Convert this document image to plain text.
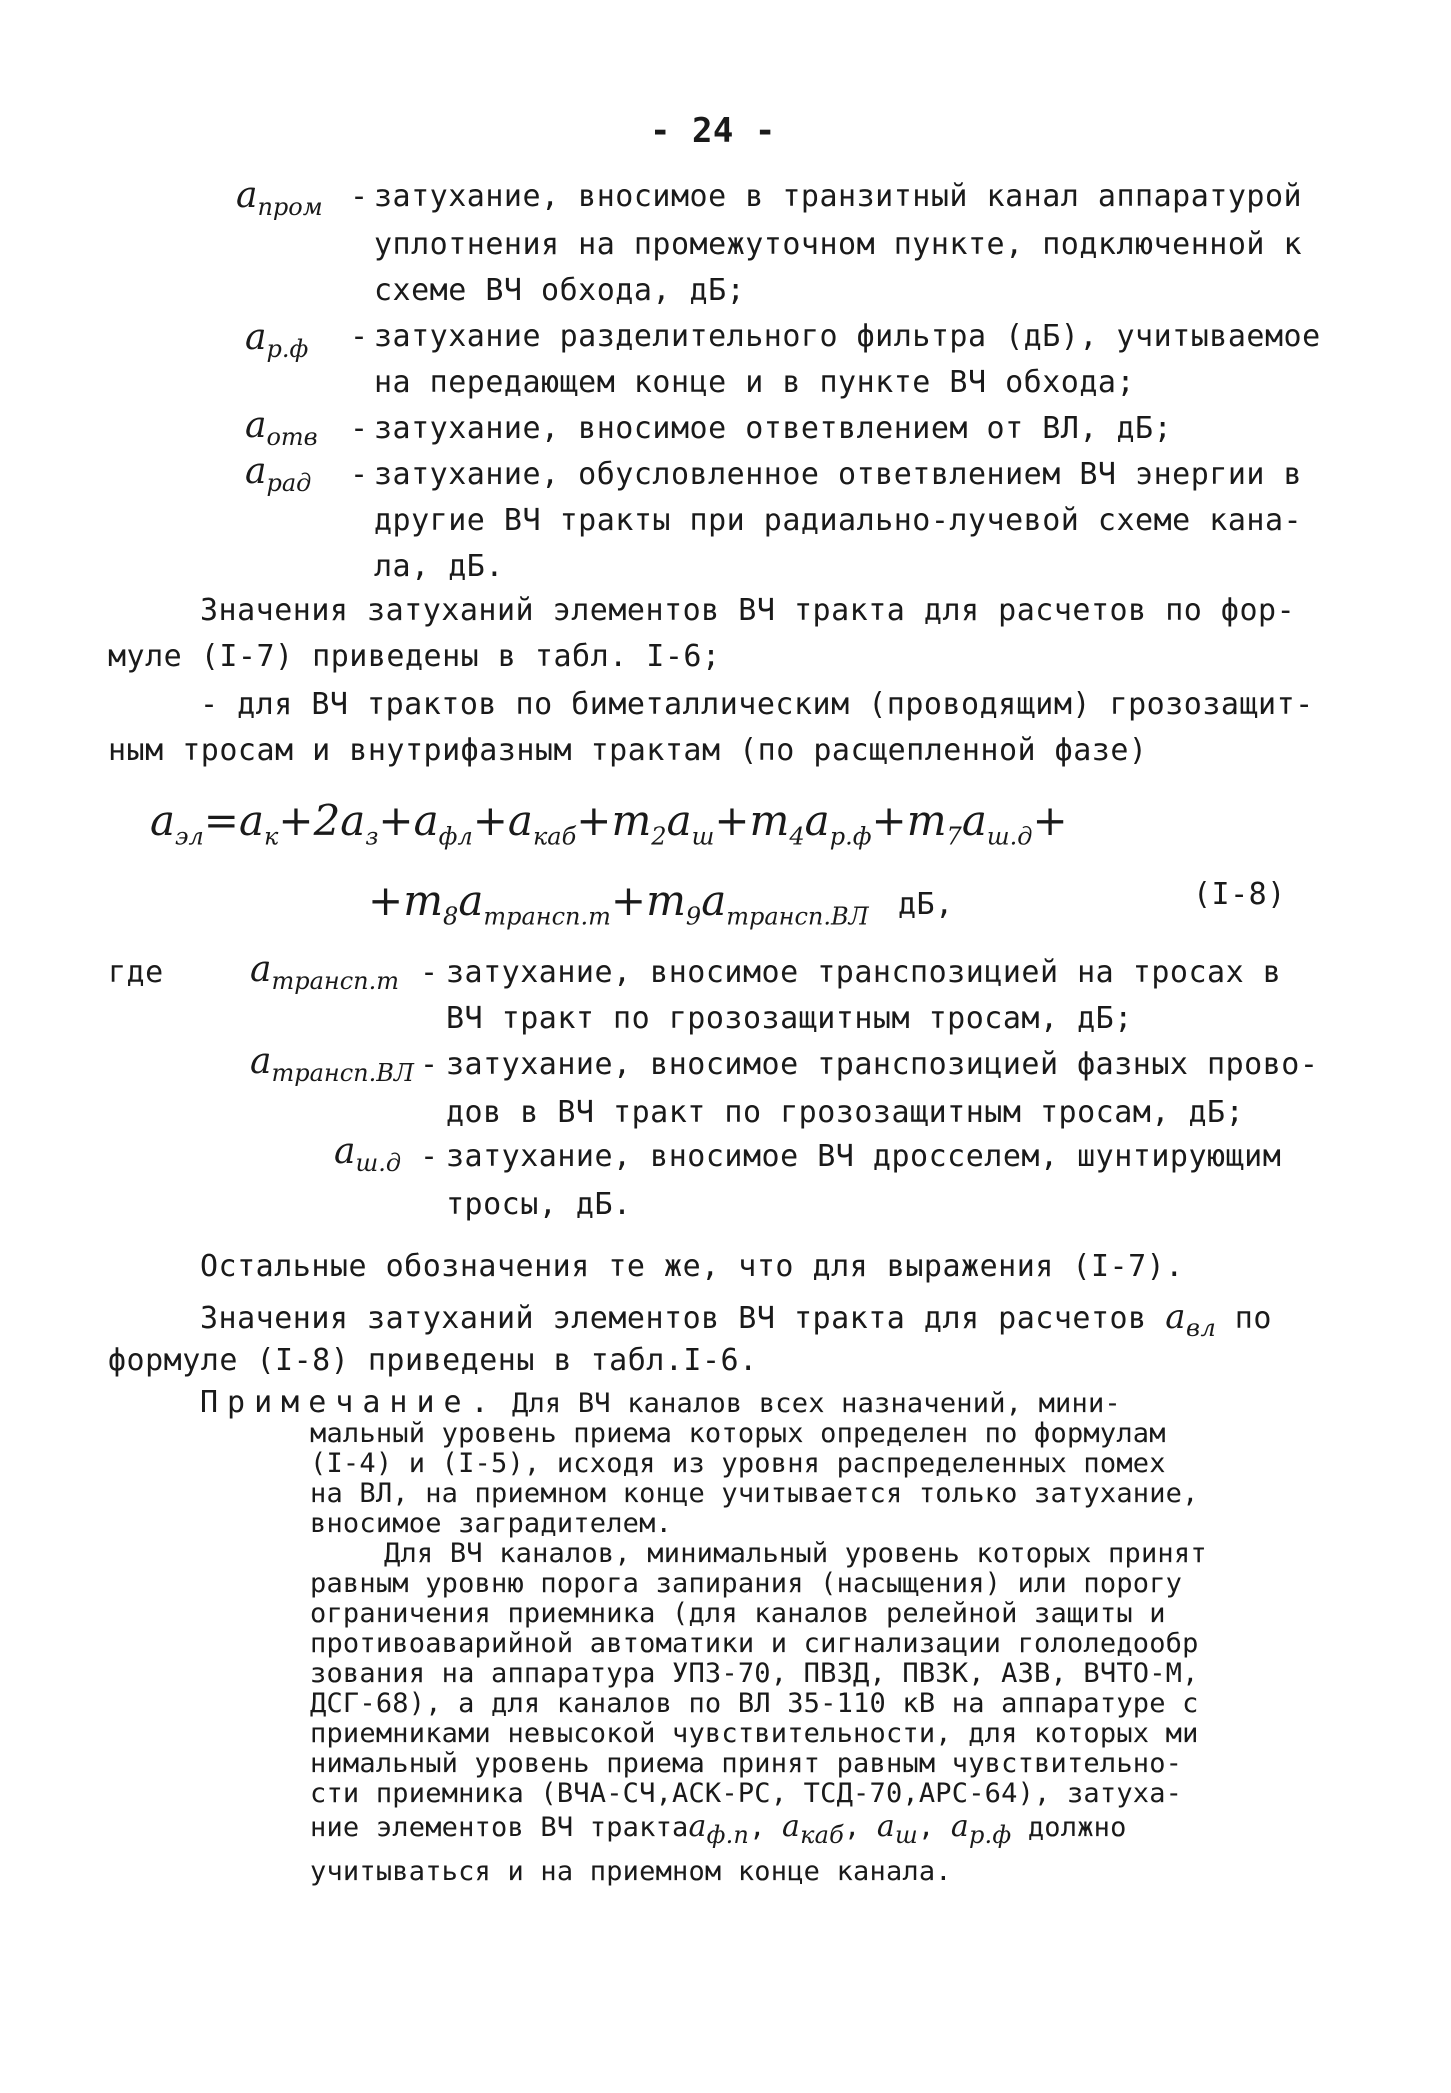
- 24 -
$a_{пром}$ - затухание, вносимое в транзитный канал аппаратурой
уплотнения на промежуточном пункте, подключенной к
схеме ВЧ обхода, дБ;
$a_{р.ф}$ - затухание разделительного фильтра (дБ), учитываемое
на передающем конце и в пункте ВЧ обхода;
$a_{отв}$ - затухание, вносимое ответвлением от ВЛ, дБ;
$a_{рад}$ - затухание, обусловленное ответвлением ВЧ энергии в
другие ВЧ тракты при радиально-лучевой схеме кана-
ла, дБ.
Значения затуханий элементов ВЧ тракта для расчетов по фор-
муле (I-7) приведены в табл. I-6;
- для ВЧ трактов по биметаллическим (проводящим) грозозащит-
ным тросам и внутрифазным трактам (по расщепленной фазе)
$a_{эл}=a_к+2a_з+a_{фл}+a_{каб}+m_2a_ш+m_4a_{р.ф}+m_7a_{ш.д}+$
$+m_8a_{трансп.т}+m_9a_{трансп.ВЛ}$ дБ,	(I-8)
где $a_{трансп.т}$ - затухание, вносимое транспозицией на тросах в
ВЧ тракт по грозозащитным тросам, дБ;
$a_{трансп.ВЛ}$ - затухание, вносимое транспозицией фазных прово-
дов в ВЧ тракт по грозозащитным тросам, дБ;
$a_{ш.д}$ - затухание, вносимое ВЧ дросселем, шунтирующим
тросы, дБ.
Остальные обозначения те же, что для выражения (I-7).
Значения затуханий элементов ВЧ тракта для расчетов $a_{вл}$ по
формуле (I-8) приведены в табл.I-6.
Примечание. Для ВЧ каналов всех назначений, мини-
мальный уровень приема которых определен по формулам
(I-4) и (I-5), исходя из уровня распределенных помех
на ВЛ, на приемном конце учитывается только затухание,
вносимое заградителем.
Для ВЧ каналов, минимальный уровень которых принят
равным уровню порога запирания (насыщения) или порогу
ограничения приемника (для каналов релейной защиты и
противоаварийной автоматики и сигнализации гололедообр
зования на аппаратура УПЗ-70, ПВЗД, ПВЗК, АЗВ, ВЧТО-М,
ДСГ-68), а для каналов по ВЛ 35-110 кВ на аппаратуре с
приемниками невысокой чувствительности, для которых ми
нимальный уровень приема принят равным чувствительно-
сти приемника (ВЧА-СЧ,АСК-РС, ТСД-70,АРС-64), затуха-
ние элементов ВЧ трактаa$_{ф.п}$, $a_{каб}$, $a_ш$, $a_{р.ф}$ должно
учитываться и на приемном конце канала.
